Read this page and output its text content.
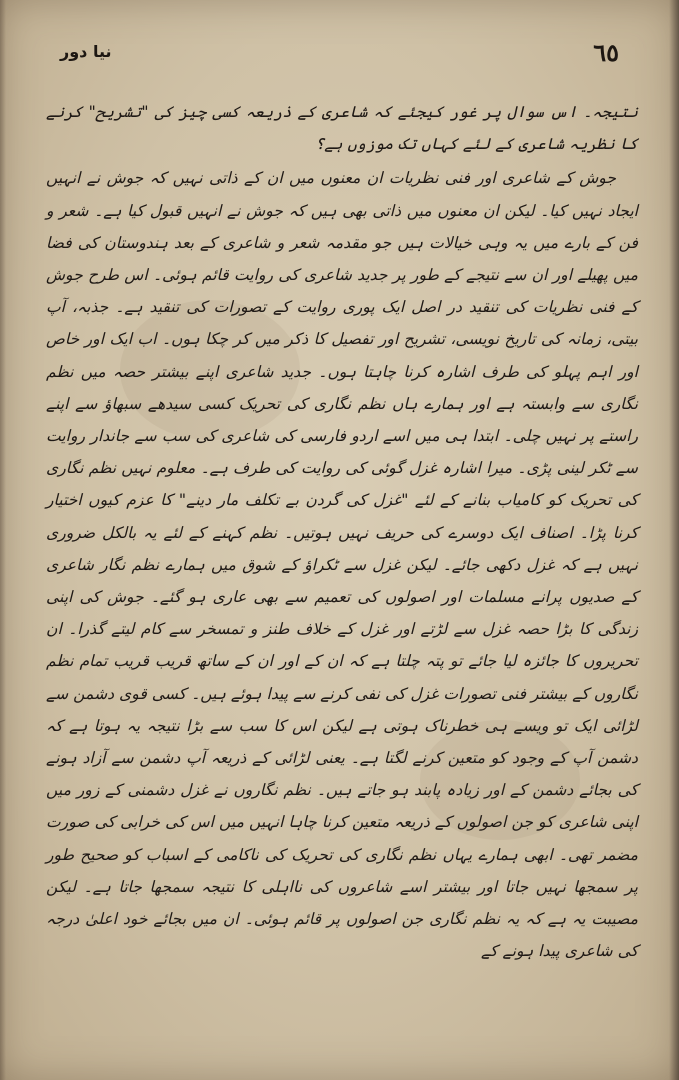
٦٥
نیا دور

نتیجہ۔ اس سوال پر غور کیجئے کہ شاعری کے ذریعہ کسی چیز کی "تشریح" کرنے کا نظریہ شاعری کے لئے کہاں تک موزوں ہے؟

جوش کے شاعری اور فنی نظریات ان معنوں میں ان کے ذاتی نہیں کہ جوش نے انہیں ایجاد نہیں کیا۔ لیکن ان معنوں میں ذاتی بھی ہیں کہ جوش نے انہیں قبول کیا ہے۔ شعر و فن کے بارے میں یہ وہی خیالات ہیں جو مقدمہ شعر و شاعری کے بعد ہندوستان کی فضا میں پھیلے اور ان سے نتیجے کے طور پر جدید شاعری کی روایت قائم ہوئی۔ اس طرح جوش کے فنی نظریات کی تنقید در اصل ایک پوری روایت کے تصورات کی تنقید ہے۔ جذبہ، آپ بیتی، زمانہ کی تاریخ نویسی، تشریح اور تفصیل کا ذکر میں کر چکا ہوں۔ اب ایک اور خاص اور اہم پہلو کی طرف اشارہ کرنا چاہتا ہوں۔ جدید شاعری اپنے بیشتر حصہ میں نظم نگاری سے وابستہ ہے اور ہمارے ہاں نظم نگاری کی تحریک کسی سیدھے سبھاؤ سے اپنے راستے پر نہیں چلی۔ ابتدا ہی میں اسے اردو فارسی کی شاعری کی سب سے جاندار روایت سے ٹکر لینی پڑی۔ میرا اشارہ غزل گوئی کی روایت کی طرف ہے۔ معلوم نہیں نظم نگاری کی تحریک کو کامیاب بنانے کے لئے "غزل کی گردن بے تکلف مار دینے" کا عزم کیوں اختیار کرنا پڑا۔ اصناف ایک دوسرے کی حریف نہیں ہوتیں۔ نظم کہنے کے لئے یہ بالکل ضروری نہیں ہے کہ غزل دکھی جائے۔ لیکن غزل سے ٹکراؤ کے شوق میں ہمارے نظم نگار شاعری کے صدیوں پرانے مسلمات اور اصولوں کی تعمیم سے بھی عاری ہو گئے۔ جوش کی اپنی زندگی کا بڑا حصہ غزل سے لڑتے اور غزل کے خلاف طنز و تمسخر سے کام لیتے گذرا۔ ان تحریروں کا جائزہ لیا جائے تو پتہ چلتا ہے کہ ان کے اور ان کے ساتھ قریب قریب تمام نظم نگاروں کے بیشتر فنی تصورات غزل کی نفی کرنے سے پیدا ہوئے ہیں۔ کسی قوی دشمن سے لڑائی ایک تو ویسے ہی خطرناک ہوتی ہے لیکن اس کا سب سے بڑا نتیجہ یہ ہوتا ہے کہ دشمن آپ کے وجود کو متعین کرنے لگتا ہے۔ یعنی لڑائی کے ذریعہ آپ دشمن سے آزاد ہونے کی بجائے دشمن کے اور زیادہ پابند ہو جاتے ہیں۔ نظم نگاروں نے غزل دشمنی کے زور میں اپنی شاعری کو جن اصولوں کے ذریعہ متعین کرنا چاہا انہیں میں اس کی خرابی کی صورت مضمر تھی۔ ابھی ہمارے یہاں نظم نگاری کی تحریک کی ناکامی کے اسباب کو صحیح طور پر سمجھا نہیں جاتا اور بیشتر اسے شاعروں کی نااہلی کا نتیجہ سمجھا جاتا ہے۔ لیکن مصیبت یہ ہے کہ یہ نظم نگاری جن اصولوں پر قائم ہوئی۔ ان میں بجائے خود اعلیٰ درجہ کی شاعری پیدا ہونے کے
